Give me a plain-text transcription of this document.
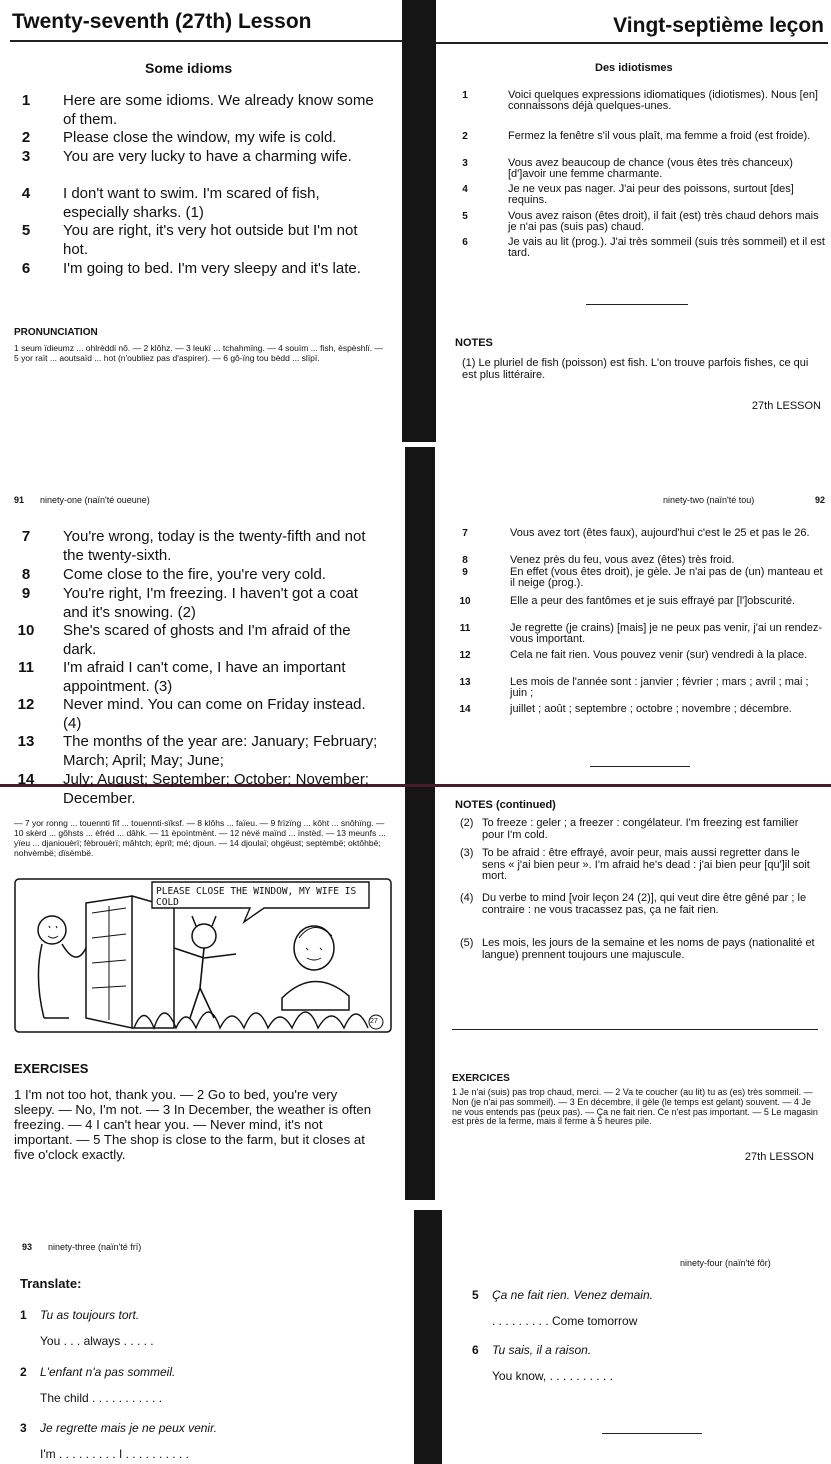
Twenty-seventh (27th) Lesson
Some idioms
1	Here are some idioms. We already know some of them.
2	Please close the window, my wife is cold.
3	You are very lucky to have a charming wife.
4	I don't want to swim. I'm scared of fish, especially sharks. (1)
5	You are right, it's very hot outside but I'm not hot.
6	I'm going to bed. I'm very sleepy and it's late.
PRONUNCIATION
1 seum ïdieumz ... ohlrèddi nô. — 2 klôhz. — 3 leukï ... tchahmïng. — 4 souïm ... fish, èspèshlï. — 5 yor raït ... aoutsaïd ... hot (n'oubliez pas d'aspirer). — 6 gô-ïng tou bèdd ... slïpï.
Vingt-septième leçon
Des idiotismes
1	Voici quelques expressions idiomatiques (idiotismes). Nous [en] connaissons déjà quelques-unes.
2	Fermez la fenêtre s'il vous plaît, ma femme a froid (est froide).
3	Vous avez beaucoup de chance (vous êtes très chanceux) [d']avoir une femme charmante.
4	Je ne veux pas nager. J'ai peur des poissons, surtout [des] requins.
5	Vous avez raison (êtes droit), il fait (est) très chaud dehors mais je n'ai pas (suis pas) chaud.
6	Je vais au lit (prog.). J'ai très sommeil (suis très sommeil) et il est tard.
NOTES
(1) Le pluriel de fish (poisson) est fish. L'on trouve parfois fishes, ce qui est plus littéraire.
27th LESSON
91 ninety-one (naïn'té oueune)	ninety-two (naïn'té tou)	92
7	You're wrong, today is the twenty-fifth and not the twenty-sixth.
8	Come close to the fire, you're very cold.
9	You're right, I'm freezing. I haven't got a coat and it's snowing. (2)
10	She's scared of ghosts and I'm afraid of the dark.
11	I'm afraid I can't come, I have an important appointment. (3)
12	Never mind. You can come on Friday instead. (4)
13	The months of the year are: January; February; March; April; May; June;
14	July; August; September; October; November; December.
7	Vous avez tort (êtes faux), aujourd'hui c'est le 25 et pas le 26.
8	Venez près du feu, vous avez (êtes) très froid.
9	En effet (vous êtes droit), je gèle. Je n'ai pas de (un) manteau et il neige (prog.).
10	Elle a peur des fantômes et je suis effrayé par [l']obscurité.
11	Je regrette (je crains) [mais] je ne peux pas venir, j'ai un rendez-vous important.
12	Cela ne fait rien. Vous pouvez venir (sur) vendredi à la place.
13	Les mois de l'année sont : janvier ; février ; mars ; avril ; mai ; juin ;
14	juillet ; août ; septembre ; octobre ; novembre ; décembre.
— 7 yor ronng ... touennti fïf ... touennti-sïksf. — 8 klôhs ... faïeu. — 9 frïzïng ... kôht ... snôhïng. — 10 skèrd ... gôhsts ... èfréd ... dâhk. — 11 èpoïntmènt. — 12 nèvë maïnd ... ïnstèd. — 13 meunfs ... yïeu ... djaniouèrï; fèbrouèrï; mâhtch; èprïl; mé; djoun. — 14 djoulaï; ohgëust; septèmbë; oktôhbë; nohvèmbë; dïsèmbë.
PLEASE CLOSE THE WINDOW, MY WIFE IS COLD
27
EXERCISES
1 I'm not too hot, thank you. — 2 Go to bed, you're very sleepy. — No, I'm not. — 3 In December, the weather is often freezing. — 4 I can't hear you. — Never mind, it's not important. — 5 The shop is close to the farm, but it closes at five o'clock exactly.
NOTES (continued)
(2) To freeze : geler ; a freezer : congélateur. I'm freezing est familier pour I'm cold.
(3) To be afraid : être effrayé, avoir peur, mais aussi regretter dans le sens « j'ai bien peur ». I'm afraid he's dead : j'ai bien peur [qu']il soit mort.
(4) Du verbe to mind [voir leçon 24 (2)], qui veut dire être gêné par ; le contraire : ne vous tracassez pas, ça ne fait rien.
(5) Les mois, les jours de la semaine et les noms de pays (nationalité et langue) prennent toujours une majuscule.
EXERCICES
1 Je n'ai (suis) pas trop chaud, merci. — 2 Va te coucher (au lit) tu as (es) très sommeil. — Non (je n'ai pas sommeil). — 3 En décembre, il gèle (le temps est gelant) souvent. — 4 Je ne vous entends pas (peux pas). — Ça ne fait rien. Ce n'est pas important. — 5 Le magasin est près de la ferme, mais il ferme à 5 heures pile.
27th LESSON
93 ninety-three (naïn'té frï)
ninety-four (naïn'té fôr)
Translate:
1 Tu as toujours tort.
You . . . always . . . . .
2 L'enfant n'a pas sommeil.
The child . . . . . . . . . . .
3 Je regrette mais je ne peux venir.
I'm . . . . . . . . . I . . . . . . . . . .
5 Ça ne fait rien. Venez demain.
. . . . . . . . . Come tomorrow
6 Tu sais, il a raison.
You know, . . . . . . . . . .
